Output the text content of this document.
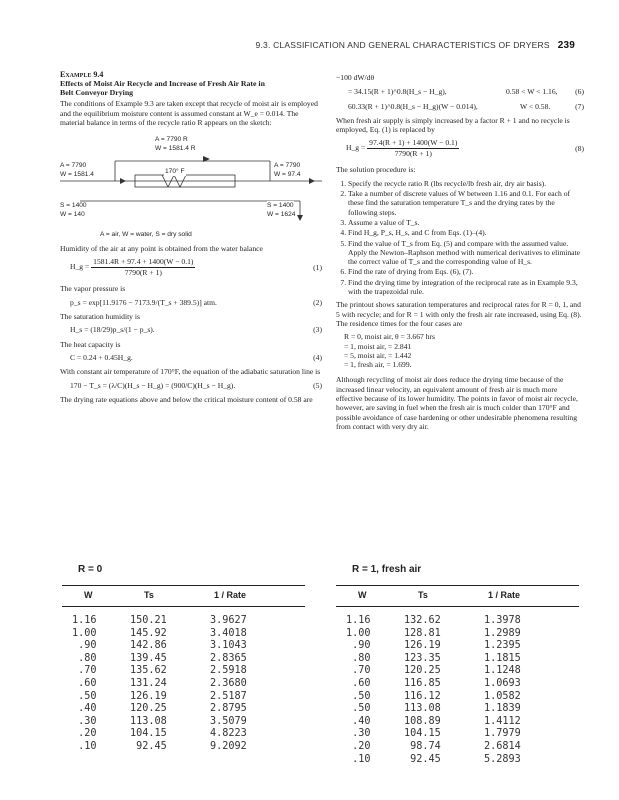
9.3. CLASSIFICATION AND GENERAL CHARACTERISTICS OF DRYERS 239
Example 9.4
Effects of Moist Air Recycle and Increase of Fresh Air Rate in
Belt Conveyor Drying

The conditions of Example 9.3 are taken except that recycle of moist air is employed and the equilibrium moisture content is assumed constant at W_e = 0.014. The material balance in terms of the recycle ratio R appears on the sketch:

A = 7790 R
W = 1581.4 R
A = 7790
W = 1581.4
A = 7790
W = 97.4
170° F
S = 1400
W = 140
S = 1400
W = 1624
A = air, W = water, S = dry solid

Humidity of the air at any point is obtained from the water balance

H_g = $\frac{1581.4R + 97.4 + 1400(W - 0.1)}{7790(R + 1)}$	(1)

The vapor pressure is

p_s = exp[11.9176 − 7173.9/(T_s + 389.5)] atm.	(2)

The saturation humidity is

H_s = (18/29)p_s/(1 − p_s).	(3)

The heat capacity is

C = 0.24 + 0.45H_g.	(4)

With constant air temperature of 170°F, the equation of the adiabatic saturation line is

170 − T_s = (λ/C)(H_s − H_g) = (900/C)(H_s − H_g).	(5)

The drying rate equations above and below the critical moisture content of 0.58 are

−100 dW/dθ
= 34.15(R + 1)^0.8(H_s − H_g),	0.58 < W < 1.16, (6)
60.33(R + 1)^0.8(H_s − H_g)(W − 0.014),	W < 0.58.	(7)

When fresh air supply is simply increased by a factor R + 1 and no recycle is employed, Eq. (1) is replaced by

H_g = $\frac{97.4(R + 1) + 1400(W - 0.1)}{7790(R + 1)}$	(8)

The solution procedure is:

1. Specify the recycle ratio R (lbs recycle/lb fresh air, dry air basis).
2. Take a number of discrete values of W between 1.16 and 0.1. For each of these find the saturation temperature T_s and the drying rates by the following steps.
3. Assume a value of T_s.
4. Find H_g, P_s, H_s, and C from Eqs. (1)–(4).
5. Find the value of T_s from Eq. (5) and compare with the assumed value. Apply the Newton–Raphson method with numerical derivatives to eliminate the correct value of T_s and the corresponding value of H_s.
6. Find the rate of drying from Eqs. (6), (7).
7. Find the drying time by integration of the reciprocal rate as in Example 9.3, with the trapezoidal rule.

The printout shows saturation temperatures and reciprocal rates for R = 0, 1, and 5 with recycle; and for R = 1 with only the fresh air rate increased, using Eq. (8). The residence times for the four cases are

R = 0, moist air, θ = 3.667 hrs
= 1, moist air, = 2.841
= 5, moist air, = 1.442
= 1, fresh air, = 1.699.

Although recycling of moist air does reduce the drying time because of the increased linear velocity, an equivalent amount of fresh air is much more effective because of its lower humidity. The points in favor of moist air recycle, however, are saving in fuel when the fresh air is much colder than 170°F and possible avoidance of case hardening or other undesirable phenomena resulting from contact with very dry air.

R = 0
W	Ts	1 / Rate
1.16	150.21	3.9627
1.00	145.92	3.4018
.90	142.86	3.1043
.80	139.45	2.8365
.70	135.62	2.5918
.60	131.24	2.3680
.50	126.19	2.5187
.40	120.25	2.8795
.30	113.08	3.5079
.20	104.15	4.8223
.10	92.45	9.2092
R = 1, fresh air
W	Ts	1 / Rate
1.16	132.62	1.3978
1.00	128.81	1.2989
.90	126.19	1.2395
.80	123.35	1.1815
.70	120.25	1.1248
.60	116.85	1.0693
.50	116.12	1.0582
.50	113.08	1.1839
.40	108.89	1.4112
.30	104.15	1.7979
.20	98.74	2.6814
.10	92.45	5.2893
